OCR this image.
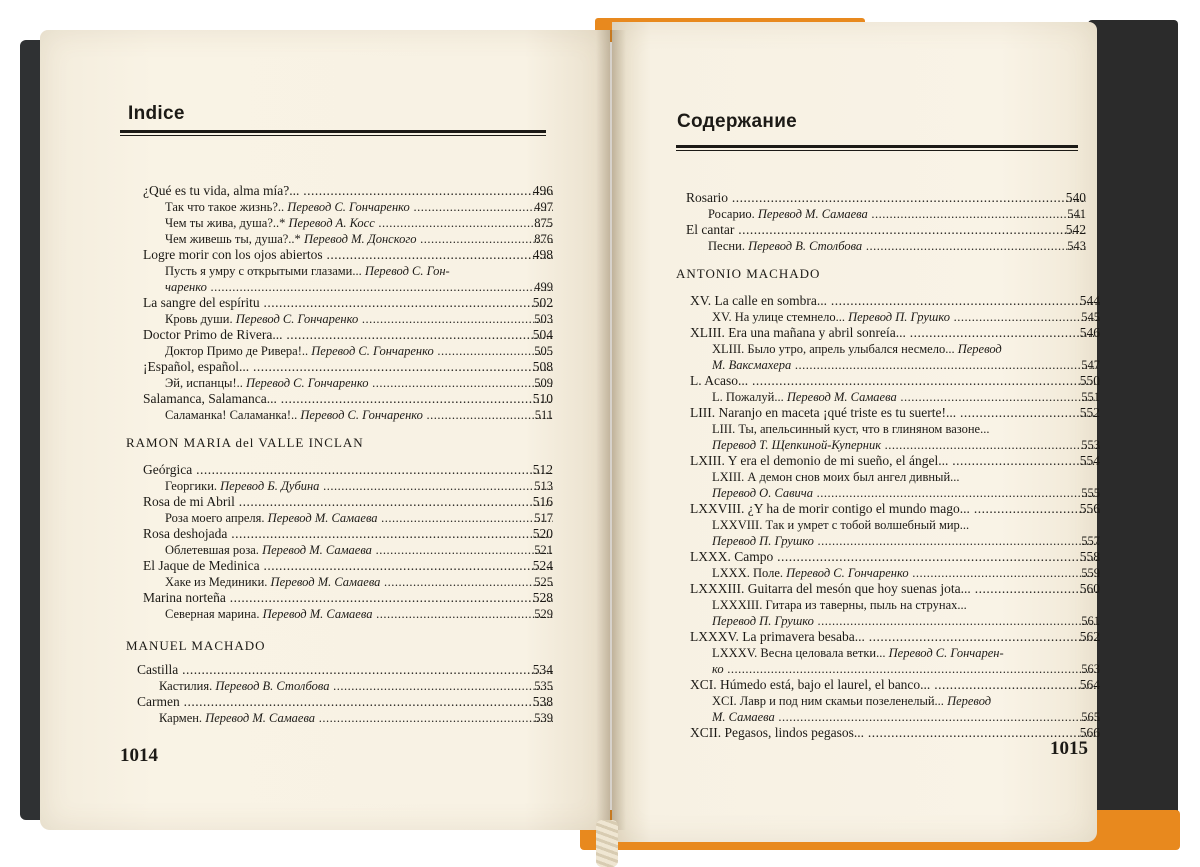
Indice
¿Qué es tu vida, alma mía?... .....	496
Так что такое жизнь?.. Перевод С. Гончаренко .....	497
Чем ты жива, душа?..* Перевод А. Косс .....	875
Чем живешь ты, душа?..* Перевод М. Донского .....	876
Logre morir con los ojos abiertos .....	498
Пусть я умру с открытыми глазами... Перевод С. Гон-
чаренко .....	499
La sangre del espíritu .....	502
Кровь души. Перевод С. Гончаренко .....	503
Doctor Primo de Rivera... .....	504
Доктор Примо де Ривера!.. Перевод С. Гончаренко .....	505
¡Español, español... .....	508
Эй, испанцы!.. Перевод С. Гончаренко .....	509
Salamanca, Salamanca... .....	510
Саламанка! Саламанка!.. Перевод С. Гончаренко .....	511
RAMON MARIA del VALLE INCLAN
Geórgica .....	512
Георгики. Перевод Б. Дубина .....	513
Rosa de mi Abril .....	516
Роза моего апреля. Перевод М. Самаева .....	517
Rosa deshojada .....	520
Облетевшая роза. Перевод М. Самаева .....	521
El Jaque de Medinica .....	524
Хаке из Мединики. Перевод М. Самаева .....	525
Marina norteña .....	528
Северная марина. Перевод М. Самаева .....	529
MANUEL MACHADO
Castilla .....	534
Кастилия. Перевод В. Столбова .....	535
Carmen .....	538
Кармен. Перевод М. Самаева .....	539
1014
Содержание
Rosario .....	540
Росарио. Перевод М. Самаева .....	541
El cantar .....	542
Песни. Перевод В. Столбова .....	543
ANTONIO MACHADO
XV. La calle en sombra... .....	544
XV. На улице стемнело... Перевод П. Грушко .....	545
XLIII. Era una mañana y abril sonreía... .....	546
XLIII. Было утро, апрель улыбался несмело... Перевод
М. Ваксмахера .....	547
L. Acaso... .....	550
L. Пожалуй... Перевод М. Самаева .....	551
LIII. Naranjo en maceta ¡qué triste es tu suerte!... .....	552
LIII. Ты, апельсинный куст, что в глиняном вазоне...
Перевод Т. Щепкиной-Куперник .....	553
LXIII. Y era el demonio de mi sueño, el ángel... .....	554
LXIII. А демон снов моих был ангел дивный...
Перевод О. Савича .....	555
LXXVIII. ¿Y ha de morir contigo el mundo mago... .....	556
LXXVIII. Так и умрет с тобой волшебный мир...
Перевод П. Грушко .....	557
LXXX. Campo .....	558
LXXX. Поле. Перевод С. Гончаренко .....	559
LXXXIII. Guitarra del mesón que hoy suenas jota... .....	560
LXXXIII. Гитара из таверны, пыль на струнах...
Перевод П. Грушко .....	561
LXXXV. La primavera besaba... .....	562
LXXXV. Весна целовала ветки... Перевод С. Гончарен-
ко .....	563
XCI. Húmedo está, bajo el laurel, el banco... .....	564
XCI. Лавр и под ним скамьи позеленелый... Перевод
М. Самаева .....	565
XCII. Pegasos, lindos pegasos... .....	566
1015
